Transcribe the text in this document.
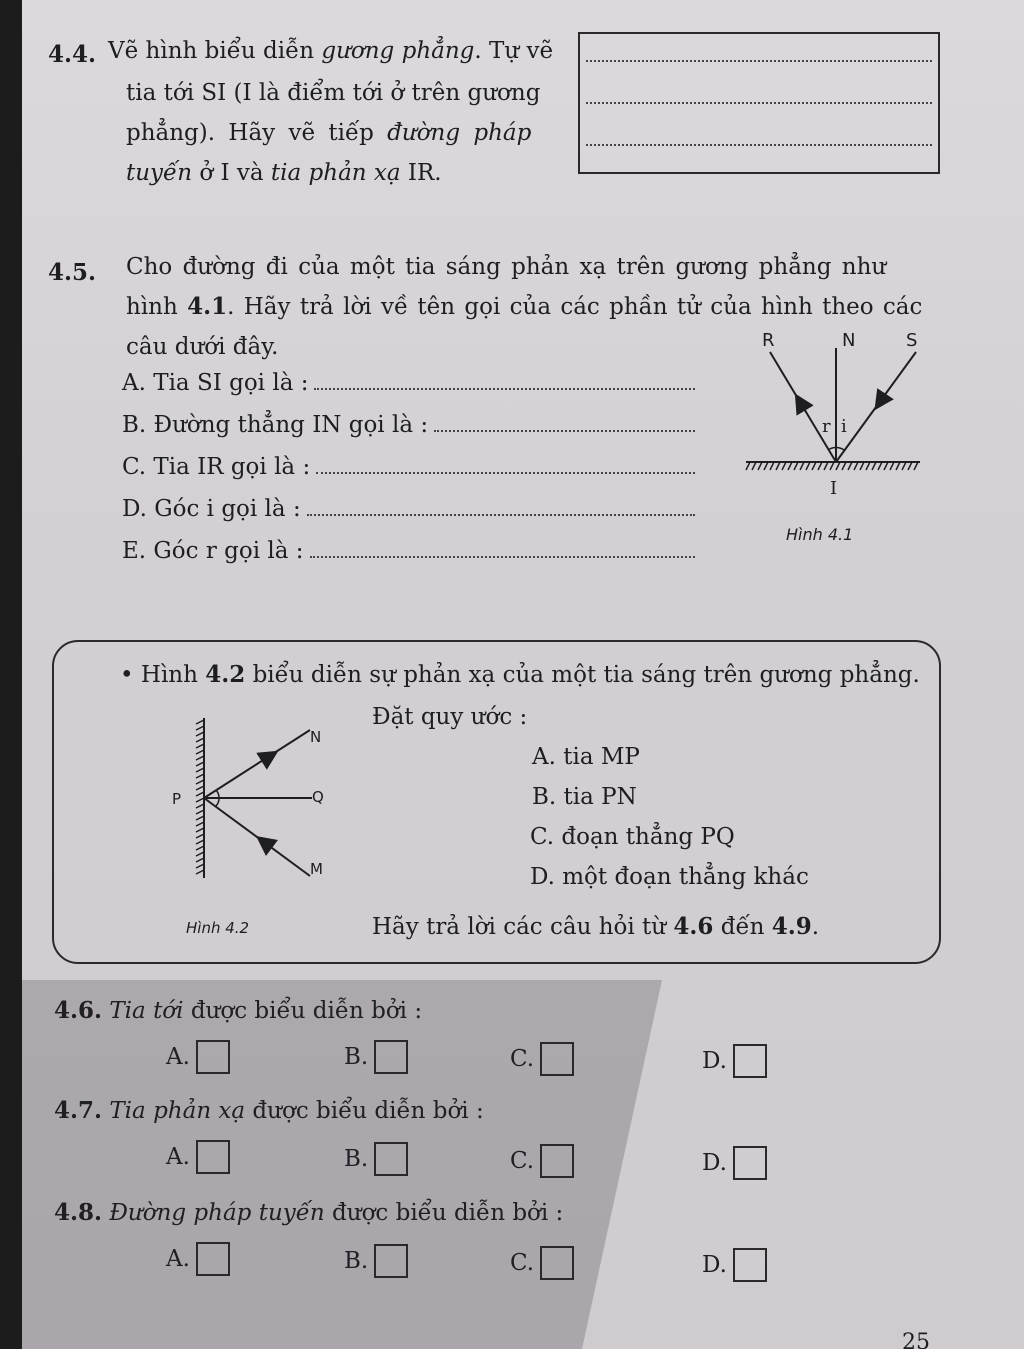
4.4. Vẽ hình biểu diễn gương phẳng. Tự vẽ
tia tới SI (I là điểm tới ở trên gương
phẳng). Hãy vẽ tiếp đường pháp
tuyến ở I và tia phản xạ IR.
4.5. Cho đường đi của một tia sáng phản xạ trên gương phẳng như
hình 4.1. Hãy trả lời về tên gọi của các phần tử của hình theo các
câu dưới đây.
A. Tia SI gọi là :
B. Đường thẳng IN gọi là :
C. Tia IR gọi là :
D. Góc i gọi là :
E. Góc r gọi là :
R	N	S
r i
I
Hình 4.1
• Hình 4.2 biểu diễn sự phản xạ của một tia sáng trên gương phẳng.
Đặt quy ước :
A. tia MP
B. tia PN
C. đoạn thẳng PQ
D. một đoạn thẳng khác
Hãy trả lời các câu hỏi từ 4.6 đến 4.9.
N
P	Q
M
Hình 4.2
4.6. Tia tới được biểu diễn bởi :
A.	B.	C.	D.
4.7. Tia phản xạ được biểu diễn bởi :
A.	B.	C.	D.
4.8. Đường pháp tuyến được biểu diễn bởi :
A.	B.	C.	D.
25
